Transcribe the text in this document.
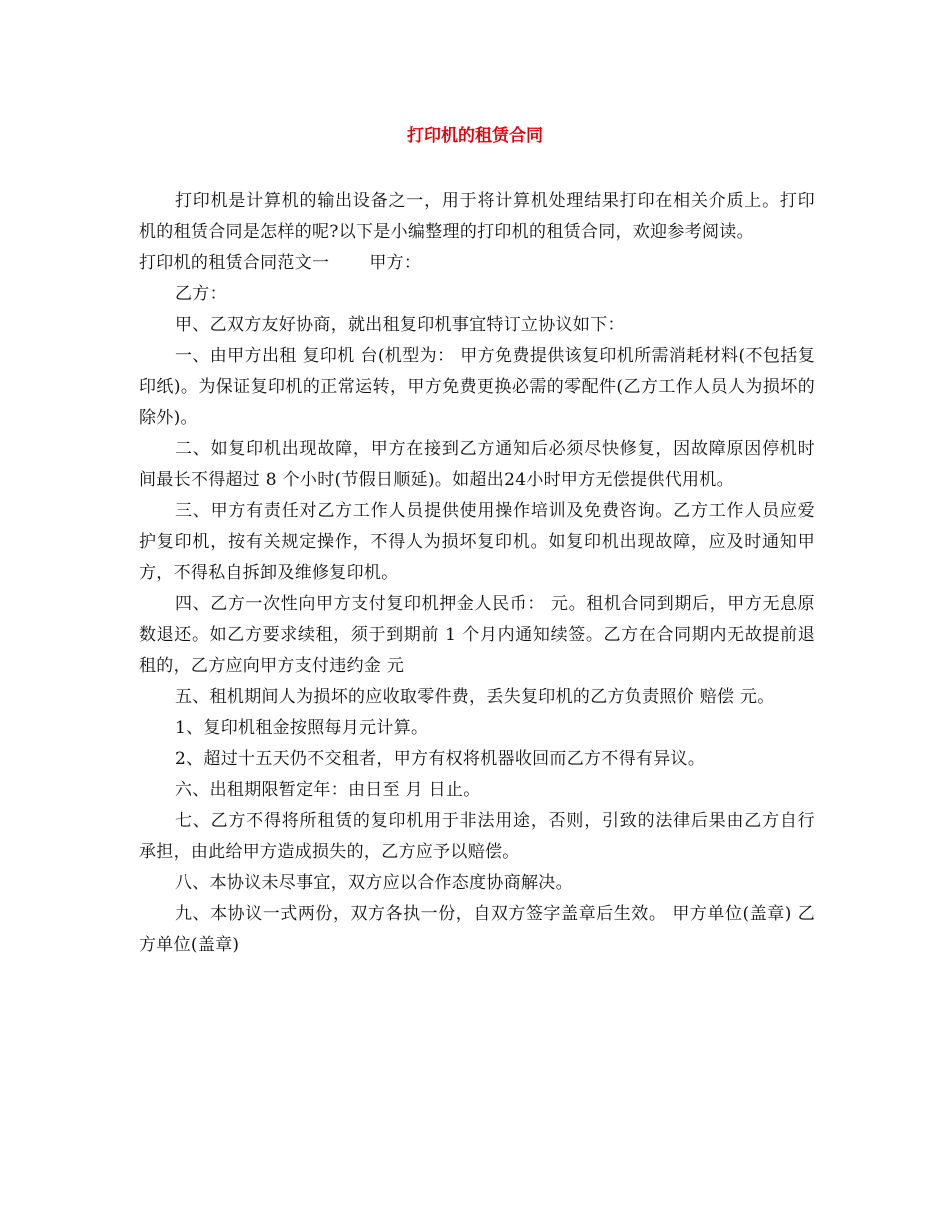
打印机的租赁合同

打印机是计算机的输出设备之一，用于将计算机处理结果打印在相关介质上。打印机的租赁合同是怎样的呢?以下是小编整理的打印机的租赁合同，欢迎参考阅读。

打印机的租赁合同范文一 甲方：

乙方：

甲、乙双方友好协商，就出租复印机事宜特订立协议如下：

一、由甲方出租 复印机 台(机型为： 甲方免费提供该复印机所需消耗材料(不包括复印纸)。为保证复印机的正常运转，甲方免费更换必需的零配件(乙方工作人员人为损坏的除外)。

二、如复印机出现故障，甲方在接到乙方通知后必须尽快修复，因故障原因停机时间最长不得超过 8 个小时(节假日顺延)。如超出24小时甲方无偿提供代用机。

三、甲方有责任对乙方工作人员提供使用操作培训及免费咨询。乙方工作人员应爱护复印机，按有关规定操作，不得人为损坏复印机。如复印机出现故障，应及时通知甲方，不得私自拆卸及维修复印机。

四、乙方一次性向甲方支付复印机押金人民币： 元。租机合同到期后，甲方无息原数退还。如乙方要求续租，须于到期前 1 个月内通知续签。乙方在合同期内无故提前退租的，乙方应向甲方支付违约金 元

五、租机期间人为损坏的应收取零件费，丢失复印机的乙方负责照价 赔偿 元。

1、复印机租金按照每月元计算。

2、超过十五天仍不交租者，甲方有权将机器收回而乙方不得有异议。

六、出租期限暂定年：由日至 月 日止。

七、乙方不得将所租赁的复印机用于非法用途，否则，引致的法律后果由乙方自行承担，由此给甲方造成损失的，乙方应予以赔偿。

八、本协议未尽事宜，双方应以合作态度协商解决。

九、本协议一式两份，双方各执一份，自双方签字盖章后生效。 甲方单位(盖章) 乙方单位(盖章)
